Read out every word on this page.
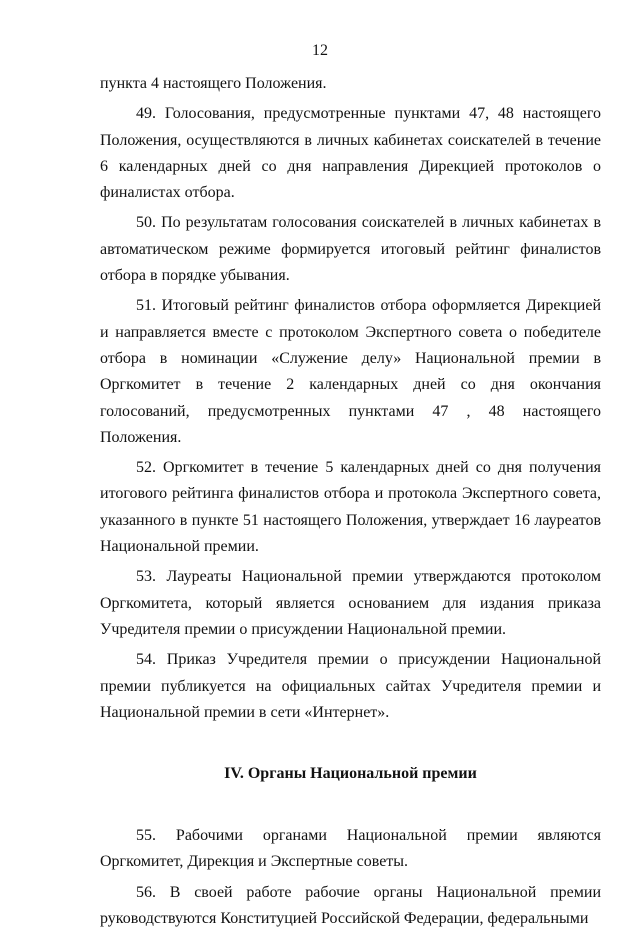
12

пункта 4 настоящего Положения.

49. Голосования, предусмотренные пунктами 47, 48 настоящего Положения, осуществляются в личных кабинетах соискателей в течение 6 календарных дней со дня направления Дирекцией протоколов о финалистах отбора.

50. По результатам голосования соискателей в личных кабинетах в автоматическом режиме формируется итоговый рейтинг финалистов отбора в порядке убывания.

51. Итоговый рейтинг финалистов отбора оформляется Дирекцией и направляется вместе с протоколом Экспертного совета о победителе отбора в номинации «Служение делу» Национальной премии в Оргкомитет в течение 2 календарных дней со дня окончания голосований, предусмотренных пунктами 47 , 48 настоящего Положения.

52. Оргкомитет в течение 5 календарных дней со дня получения итогового рейтинга финалистов отбора и протокола Экспертного совета, указанного в пункте 51 настоящего Положения, утверждает 16 лауреатов Национальной премии.

53. Лауреаты Национальной премии утверждаются протоколом Оргкомитета, который является основанием для издания приказа Учредителя премии о присуждении Национальной премии.

54. Приказ Учредителя премии о присуждении Национальной премии публикуется на официальных сайтах Учредителя премии и Национальной премии в сети «Интернет».

IV. Органы Национальной премии

55. Рабочими органами Национальной премии являются Оргкомитет, Дирекция и Экспертные советы.

56. В своей работе рабочие органы Национальной премии руководствуются Конституцией Российской Федерации, федеральными
